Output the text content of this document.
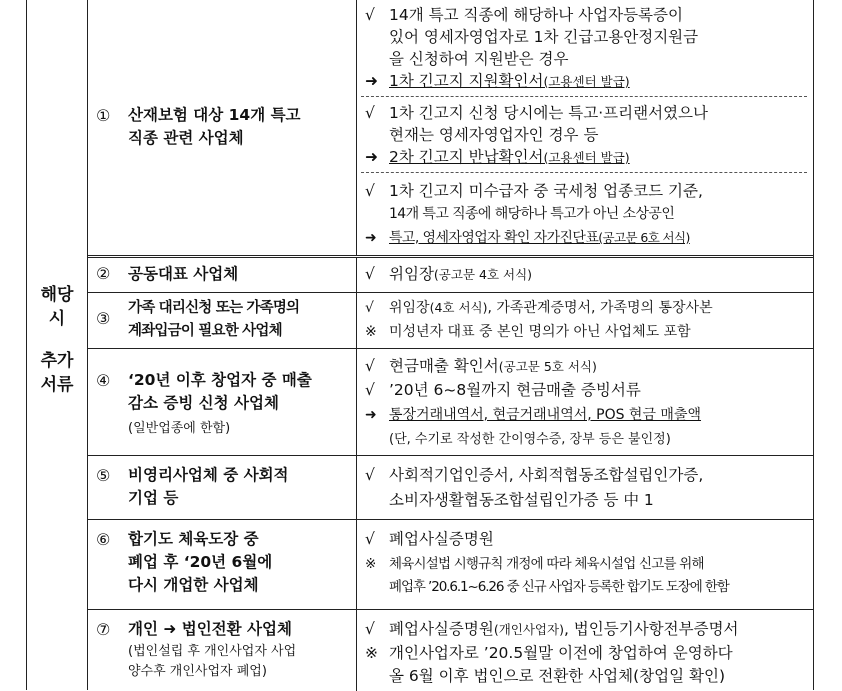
해당
시
추가
서류
① 산재보험 대상 14개 특고
직종 관련 사업체
√ 14개 특고 직종에 해당하나 사업자등록증이
있어 영세자영업자로 1차 긴급고용안정지원금
을 신청하여 지원받은 경우
➜ 1차 긴고지 지원확인서(고용센터 발급)
√ 1차 긴고지 신청 당시에는 특고·프리랜서였으나
현재는 영세자영업자인 경우 등
➜ 2차 긴고지 반납확인서(고용센터 발급)
√ 1차 긴고지 미수급자 중 국세청 업종코드 기준,
14개 특고 직종에 해당하나 특고가 아닌 소상공인
➜ 특고, 영세자영업자 확인 자가진단표(공고문 6호 서식)
② 공동대표 사업체	√ 위임장(공고문 4호 서식)
③
가족 대리신청 또는 가족명의
계좌입금이 필요한 사업체
√ 위임장(4호 서식), 가족관계증명서, 가족명의 통장사본
※ 미성년자 대표 중 본인 명의가 아닌 사업체도 포함
④ ‘20년 이후 창업자 중 매출
감소 증빙 신청 사업체
(일반업종에 한함)
√ 현금매출 확인서(공고문 5호 서식)
√ ’20년 6~8월까지 현금매출 증빙서류
➜ 통장거래내역서, 현금거래내역서, POS 현금 매출액
(단, 수기로 작성한 간이영수증, 장부 등은 불인정)
⑤ 비영리사업체 중 사회적
기업 등
√ 사회적기업인증서, 사회적협동조합설립인가증,
소비자생활협동조합설립인가증 등 中 1
⑥ 합기도 체육도장 중
폐업 후 ‘20년 6월에
다시 개업한 사업체
√ 폐업사실증명원
※ 체육시설법 시행규칙 개정에 따라 체육시설업 신고를 위해
폐업후 ’20.6.1~6.26 중 신규 사업자 등록한 합기도 도장에 한함
⑦ 개인 ➜ 법인전환 사업체
(법인설립 후 개인사업자 사업
양수후 개인사업자 폐업)
√ 폐업사실증명원(개인사업자), 법인등기사항전부증명서
※ 개인사업자로 ’20.5월말 이전에 창업하여 운영하다
올 6월 이후 법인으로 전환한 사업체(창업일 확인)
